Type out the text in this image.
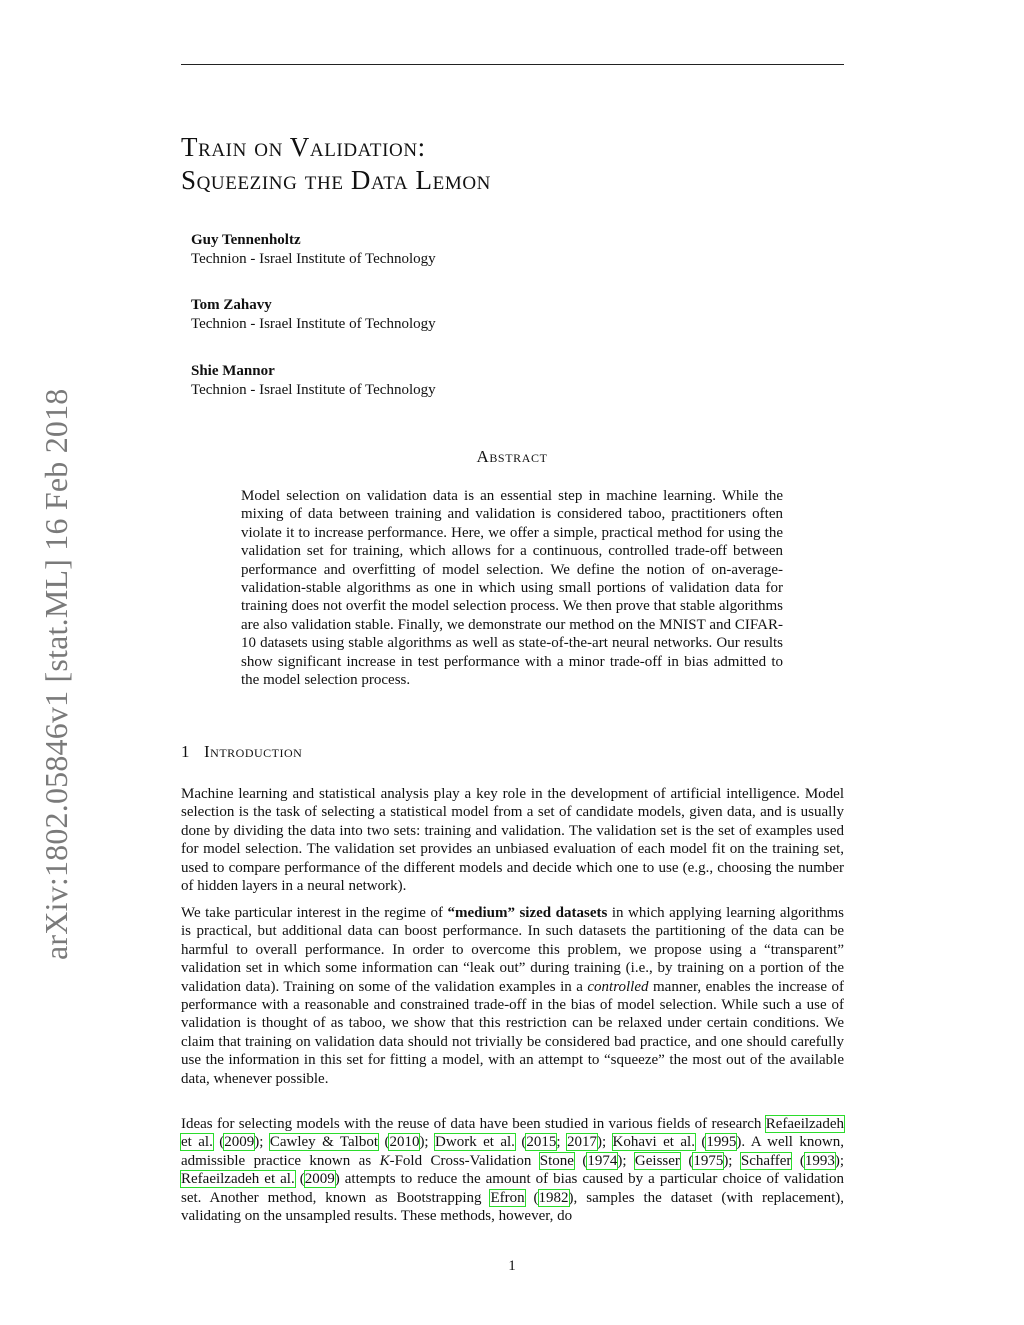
arXiv:1802.05846v1 [stat.ML] 16 Feb 2018
Train on Validation:
Squeezing the Data Lemon
Guy Tennenholtz
Technion - Israel Institute of Technology
Tom Zahavy
Technion - Israel Institute of Technology
Shie Mannor
Technion - Israel Institute of Technology
Abstract
Model selection on validation data is an essential step in machine learning. While the mixing of data between training and validation is considered taboo, practitioners often violate it to increase performance. Here, we offer a simple, practical method for using the validation set for training, which allows for a continuous, controlled trade-off between performance and overfitting of model selection. We define the notion of on-average-validation-stable algorithms as one in which using small portions of validation data for training does not overfit the model selection process. We then prove that stable algorithms are also validation stable. Finally, we demonstrate our method on the MNIST and CIFAR-10 datasets using stable algorithms as well as state-of-the-art neural networks. Our results show significant increase in test performance with a minor trade-off in bias admitted to the model selection process.
1 Introduction

Machine learning and statistical analysis play a key role in the development of artificial intelligence. Model selection is the task of selecting a statistical model from a set of candidate models, given data, and is usually done by dividing the data into two sets: training and validation. The validation set is the set of examples used for model selection. The validation set provides an unbiased evaluation of each model fit on the training set, used to compare performance of the different models and decide which one to use (e.g., choosing the number of hidden layers in a neural network).

We take particular interest in the regime of “medium” sized datasets in which applying learning algorithms is practical, but additional data can boost performance. In such datasets the partitioning of the data can be harmful to overall performance. In order to overcome this problem, we propose using a “transparent” validation set in which some information can “leak out” during training (i.e., by training on a portion of the validation data). Training on some of the validation examples in a controlled manner, enables the increase of performance with a reasonable and constrained trade-off in the bias of model selection. While such a use of validation is thought of as taboo, we show that this restriction can be relaxed under certain conditions. We claim that training on validation data should not trivially be considered bad practice, and one should carefully use the information in this set for fitting a model, with an attempt to “squeeze” the most out of the available data, whenever possible.

Ideas for selecting models with the reuse of data have been studied in various fields of research Refaeilzadeh et al. (2009); Cawley & Talbot (2010); Dwork et al. (2015; 2017); Kohavi et al. (1995). A well known, admissible practice known as K-Fold Cross-Validation Stone (1974); Geisser (1975); Schaffer (1993); Refaeilzadeh et al. (2009) attempts to reduce the amount of bias caused by a particular choice of validation set. Another method, known as Bootstrapping Efron (1982), samples the dataset (with replacement), validating on the unsampled results. These methods, however, do

1
